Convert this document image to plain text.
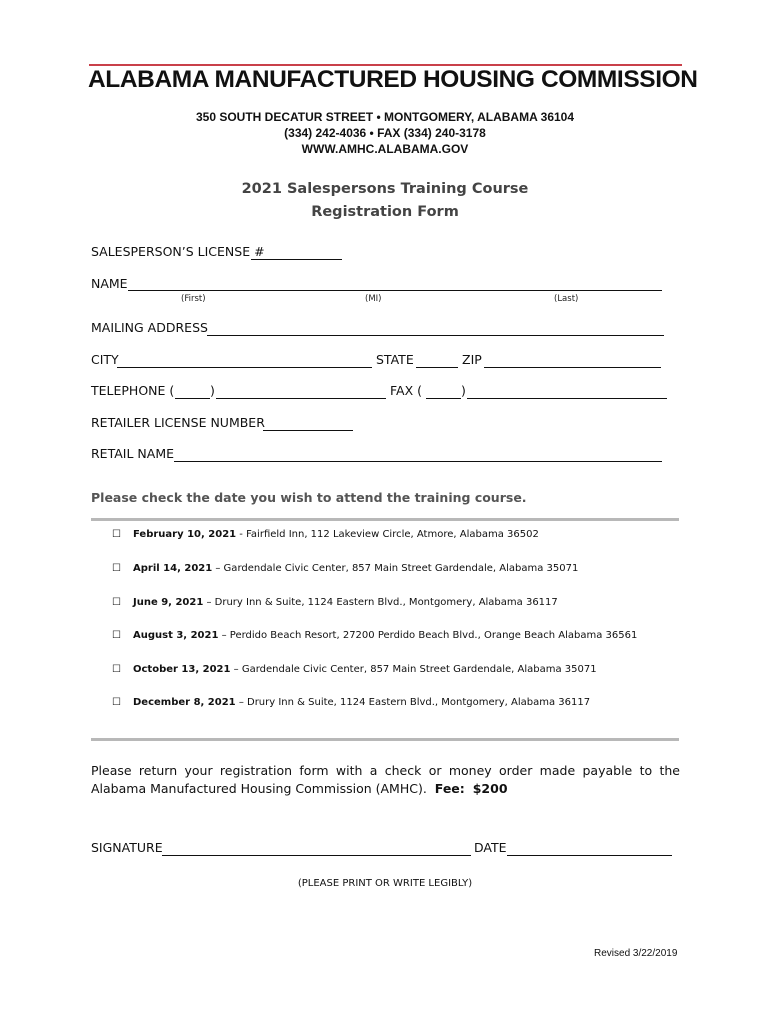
ALABAMA MANUFACTURED HOUSING COMMISSION
350 SOUTH DECATUR STREET • MONTGOMERY, ALABAMA 36104
(334) 242-4036 • FAX (334) 240-3178
WWW.AMHC.ALABAMA.GOV
2021 Salespersons Training Course
Registration Form
SALESPERSON’S LICENSE #
NAME
(First)	(MI)	(Last)
MAILING ADDRESS
CITY	STATE	ZIP
TELEPHONE (	)	FAX (	)
RETAILER LICENSE NUMBER
RETAIL NAME
Please check the date you wish to attend the training course.
☐ February 10, 2021 - Fairfield Inn, 112 Lakeview Circle, Atmore, Alabama 36502
☐ April 14, 2021 – Gardendale Civic Center, 857 Main Street Gardendale, Alabama 35071
☐ June 9, 2021 – Drury Inn & Suite, 1124 Eastern Blvd., Montgomery, Alabama 36117
☐ August 3, 2021 – Perdido Beach Resort, 27200 Perdido Beach Blvd., Orange Beach Alabama 36561
☐ October 13, 2021 – Gardendale Civic Center, 857 Main Street Gardendale, Alabama 35071
☐ December 8, 2021 – Drury Inn & Suite, 1124 Eastern Blvd., Montgomery, Alabama 36117
Please return your registration form with a check or money order made payable to the Alabama Manufactured Housing Commission (AMHC). Fee: $200
SIGNATURE	DATE
(PLEASE PRINT OR WRITE LEGIBLY)
Revised 3/22/2019
